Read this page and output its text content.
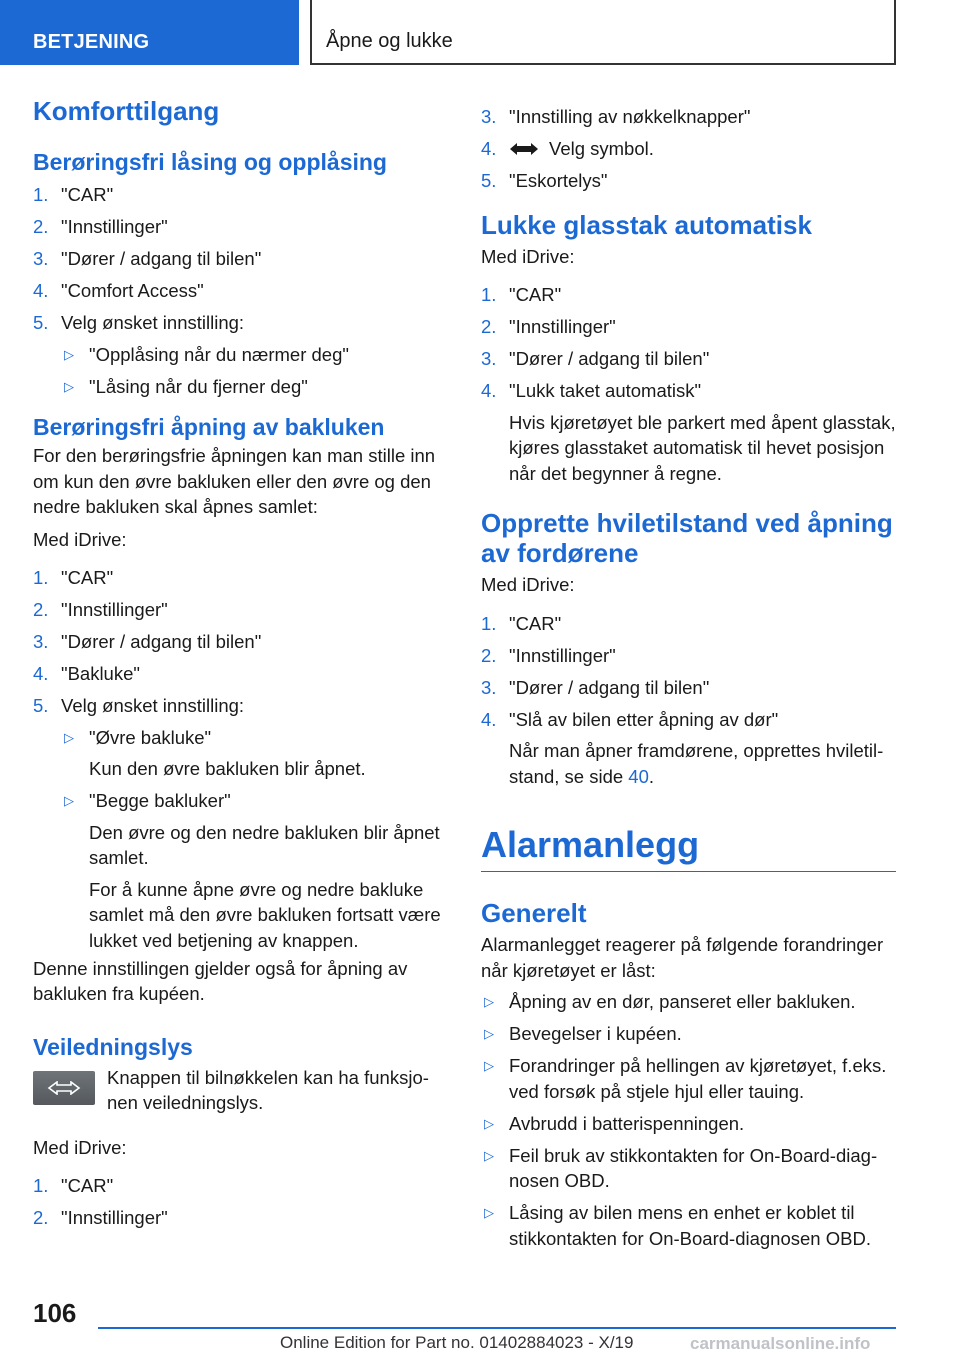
BETJENING	Åpne og lukke
Komforttilgang
Berøringsfri låsing og opplåsing
1. "CAR"
2. "Innstillinger"
3. "Dører / adgang til bilen"
4. "Comfort Access"
5. Velg ønsket innstilling:
▷ "Opplåsing når du nærmer deg"
▷ "Låsing når du fjerner deg"
Berøringsfri åpning av bakluken

For den berøringsfrie åpningen kan man stille inn om kun den øvre bakluken eller den øvre og den nedre bakluken skal åpnes samlet:

Med iDrive:

1. "CAR"
2. "Innstillinger"
3. "Dører / adgang til bilen"
4. "Bakluke"
5. Velg ønsket innstilling:
▷ "Øvre bakluke"

Kun den øvre bakluken blir åpnet.

▷ "Begge bakluker"

Den øvre og den nedre bakluken blir åpnet samlet.

For å kunne åpne øvre og nedre bakluke samlet må den øvre bakluken fortsatt være lukket ved betjening av knappen.

Denne innstillingen gjelder også for åpning av bakluken fra kupéen.

Veiledningslys

Knappen til bilnøkkelen kan ha funksjonen veiledningslys.

Med iDrive:

1. "CAR"
2. "Innstillinger"
3. "Innstilling av nøkkelknapper"
4.	Velg symbol.
5. "Eskortelys"
Lukke glasstak automatisk

Med iDrive:

1. "CAR"
2. "Innstillinger"
3. "Dører / adgang til bilen"
4. "Lukk taket automatisk"

Hvis kjøretøyet ble parkert med åpent glasstak, kjøres glasstaket automatisk til hevet posisjon når det begynner å regne.

Opprette hviletilstand ved åpning av fordørene

Med iDrive:

1. "CAR"
2. "Innstillinger"
3. "Dører / adgang til bilen"
4. "Slå av bilen etter åpning av dør"

Når man åpner framdørene, opprettes hviletilstand, se side 40.

Alarmanlegg
Generelt

Alarmanlegget reagerer på følgende forandringer når kjøretøyet er låst:

▷ Åpning av en dør, panseret eller bakluken.
▷ Bevegelser i kupéen.
▷ Forandringer på hellingen av kjøretøyet, f.eks. ved forsøk på stjele hjul eller tauing.
▷ Avbrudd i batterispenningen.
▷ Feil bruk av stikkontakten for On-Board-diagnosen OBD.
▷ Låsing av bilen mens en enhet er koblet til stikkontakten for On-Board-diagnosen OBD.
106
Online Edition for Part no. 01402884023 - X/19	carmanualsonline.info
